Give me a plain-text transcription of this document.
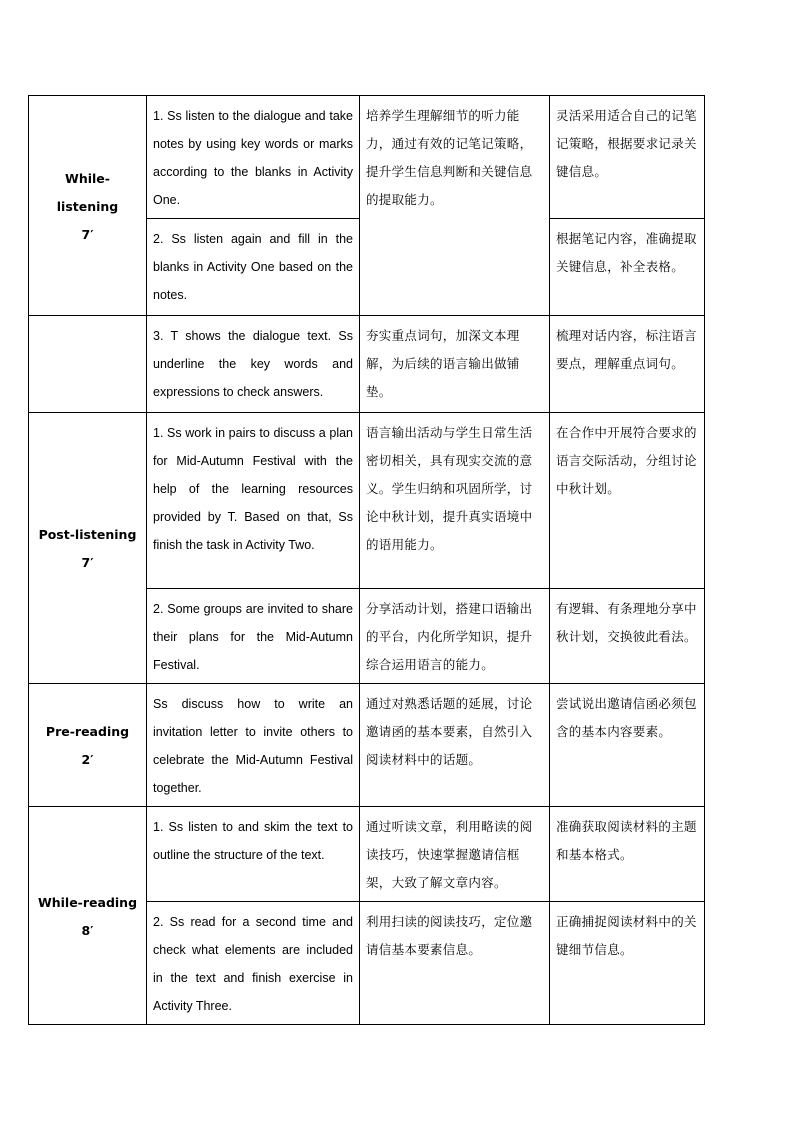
While-listening
7′	1. Ss listen to the dialogue and take notes by using key words or marks according to the blanks in Activity One.	培养学生理解细节的听力能力，通过有效的记笔记策略，提升学生信息判断和关键信息的提取能力。	灵活采用适合自己的记笔记策略，根据要求记录关键信息。
	2. Ss listen again and fill in the blanks in Activity One based on the notes.		根据笔记内容，准确提取关键信息，补全表格。
	3. T shows the dialogue text. Ss underline the key words and expressions to check answers.	夯实重点词句，加深文本理解，为后续的语言输出做铺垫。	梳理对话内容，标注语言要点，理解重点词句。

Post-listening
7′	1. Ss work in pairs to discuss a plan for Mid-Autumn Festival with the help of the learning resources provided by T. Based on that, Ss finish the task in Activity Two.	语言输出活动与学生日常生活密切相关，具有现实交流的意义。学生归纳和巩固所学，讨论中秋计划，提升真实语境中的语用能力。	在合作中开展符合要求的语言交际活动，分组讨论中秋计划。
	2. Some groups are invited to share their plans for the Mid-Autumn Festival.	分享活动计划，搭建口语输出的平台，内化所学知识，提升综合运用语言的能力。	有逻辑、有条理地分享中秋计划，交换彼此看法。

Pre-reading
2′	Ss discuss how to write an invitation letter to invite others to celebrate the Mid-Autumn Festival together.	通过对熟悉话题的延展，讨论邀请函的基本要素，自然引入阅读材料中的话题。	尝试说出邀请信函必须包含的基本内容要素。

While-reading
8′	1. Ss listen to and skim the text to outline the structure of the text.	通过听读文章，利用略读的阅读技巧，快速掌握邀请信框架，大致了解文章内容。	准确获取阅读材料的主题和基本格式。
	2. Ss read for a second time and check what elements are included in the text and finish exercise in Activity Three.	利用扫读的阅读技巧，定位邀请信基本要素信息。	正确捕捉阅读材料中的关键细节信息。
